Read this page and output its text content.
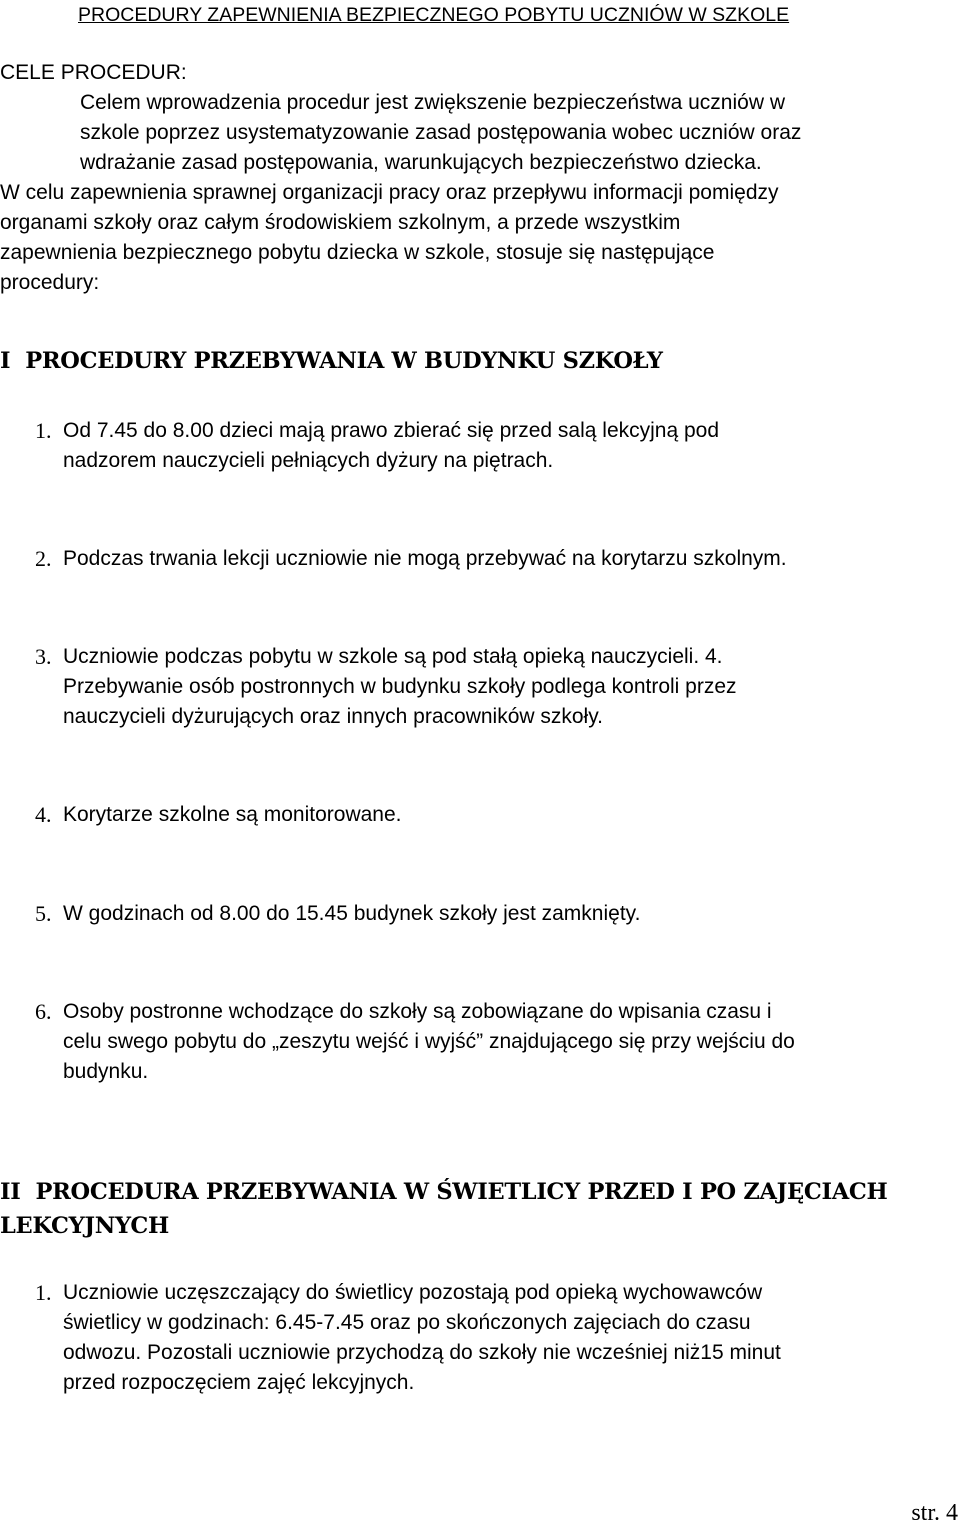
PROCEDURY ZAPEWNIENIA BEZPIECZNEGO POBYTU UCZNIÓW W SZKOLE
CELE PROCEDUR:
Celem wprowadzenia procedur jest zwiększenie bezpieczeństwa uczniów w
szkole poprzez usystematyzowanie zasad postępowania wobec uczniów oraz
wdrażanie zasad postępowania, warunkujących bezpieczeństwo dziecka.
W celu zapewnienia sprawnej organizacji pracy oraz przepływu informacji pomiędzy
organami szkoły oraz całym środowiskiem szkolnym, a przede wszystkim
zapewnienia bezpiecznego pobytu dziecka w szkole, stosuje się następujące
procedury:
I  PROCEDURY PRZEBYWANIA W BUDYNKU SZKOŁY
1. Od 7.45 do 8.00 dzieci mają prawo zbierać się przed salą lekcyjną pod
nadzorem nauczycieli pełniących dyżury na piętrach.
2. Podczas trwania lekcji uczniowie nie mogą przebywać na korytarzu szkolnym.
3. Uczniowie podczas pobytu w szkole są pod stałą opieką nauczycieli. 4.
Przebywanie osób postronnych w budynku szkoły podlega kontroli przez
nauczycieli dyżurujących oraz innych pracowników szkoły.
4. Korytarze szkolne są monitorowane.
5. W godzinach od 8.00 do 15.45 budynek szkoły jest zamknięty.
6. Osoby postronne wchodzące do szkoły są zobowiązane do wpisania czasu i
celu swego pobytu do „zeszytu wejść i wyjść” znajdującego się przy wejściu do
budynku.
II  PROCEDURA PRZEBYWANIA W ŚWIETLICY PRZED I PO ZAJĘCIACH
LEKCYJNYCH
1. Uczniowie uczęszczający do świetlicy pozostają pod opieką wychowawców
świetlicy w godzinach: 6.45-7.45 oraz po skończonych zajęciach do czasu
odwozu. Pozostali uczniowie przychodzą do szkoły nie wcześniej niż15 minut
przed rozpoczęciem zajęć lekcyjnych.
str. 4
